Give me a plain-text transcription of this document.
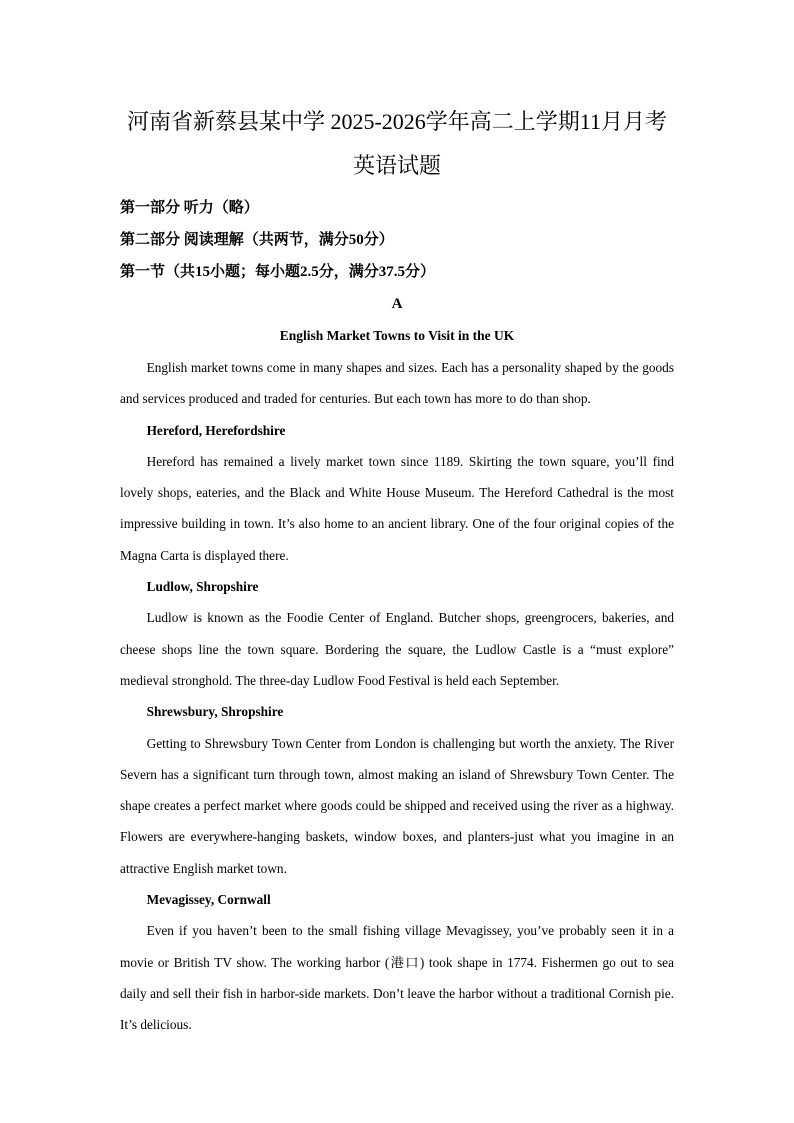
河南省新蔡县某中学 2025-2026学年高二上学期11月月考
英语试题

第一部分 听力（略）

第二部分 阅读理解（共两节，满分50分）

第一节（共15小题；每小题2.5分，满分37.5分）

A

English Market Towns to Visit in the UK

English market towns come in many shapes and sizes. Each has a personality shaped by the goods and services produced and traded for centuries. But each town has more to do than shop.

Hereford, Herefordshire

Hereford has remained a lively market town since 1189. Skirting the town square, you’ll find lovely shops, eateries, and the Black and White House Museum. The Hereford Cathedral is the most impressive building in town. It’s also home to an ancient library. One of the four original copies of the Magna Carta is displayed there.

Ludlow, Shropshire

Ludlow is known as the Foodie Center of England. Butcher shops, greengrocers, bakeries, and cheese shops line the town square. Bordering the square, the Ludlow Castle is a “must explore” medieval stronghold. The three-day Ludlow Food Festival is held each September.

Shrewsbury, Shropshire

Getting to Shrewsbury Town Center from London is challenging but worth the anxiety. The River Severn has a significant turn through town, almost making an island of Shrewsbury Town Center. The shape creates a perfect market where goods could be shipped and received using the river as a highway. Flowers are everywhere-hanging baskets, window boxes, and planters-just what you imagine in an attractive English market town.

Mevagissey, Cornwall

Even if you haven’t been to the small fishing village Mevagissey, you’ve probably seen it in a movie or British TV show. The working harbor (港口) took shape in 1774. Fishermen go out to sea daily and sell their fish in harbor-side markets. Don’t leave the harbor without a traditional Cornish pie. It’s delicious.
